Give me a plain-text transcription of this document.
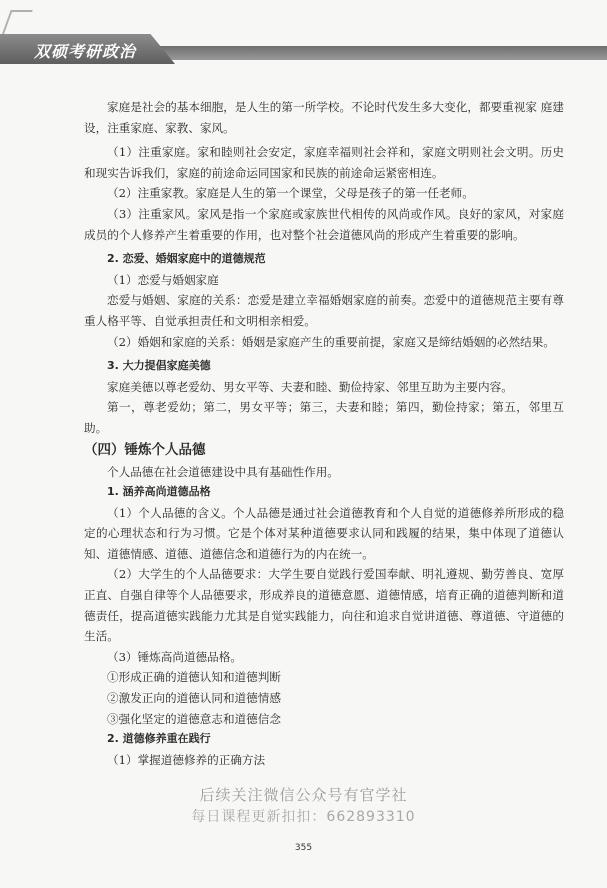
双硕考研政治

家庭是社会的基本细胞，是人生的第一所学校。不论时代发生多大变化，都要重视家 庭建设，注重家庭、家教、家风。

（1）注重家庭。家和睦则社会安定，家庭幸福则社会祥和，家庭文明则社会文明。历史和现实告诉我们，家庭的前途命运同国家和民族的前途命运紧密相连。

（2）注重家教。家庭是人生的第一个课堂，父母是孩子的第一任老师。

（3）注重家风。家风是指一个家庭或家族世代相传的风尚或作风。良好的家风，对家庭成员的个人修养产生着重要的作用，也对整个社会道德风尚的形成产生着重要的影响。

2. 恋爱、婚姻家庭中的道德规范

（1）恋爱与婚姻家庭

恋爱与婚姻、家庭的关系：恋爱是建立幸福婚姻家庭的前奏。恋爱中的道德规范主要有尊重人格平等、自觉承担责任和文明相亲相爱。

（2）婚姻和家庭的关系：婚姻是家庭产生的重要前提，家庭又是缔结婚姻的必然结果。

3. 大力提倡家庭美德

家庭美德以尊老爱幼、男女平等、夫妻和睦、勤俭持家、邻里互助为主要内容。

第一，尊老爱幼；第二，男女平等；第三，夫妻和睦；第四，勤俭持家；第五，邻里互助。

（四）锤炼个人品德

个人品德在社会道德建设中具有基础性作用。

1. 涵养高尚道德品格

（1）个人品德的含义。个人品德是通过社会道德教育和个人自觉的道德修养所形成的稳定的心理状态和行为习惯。它是个体对某种道德要求认同和践履的结果，集中体现了道德认知、道德情感、道德、道德信念和道德行为的内在统一。

（2）大学生的个人品德要求：大学生要自觉践行爱国奉献、明礼遵规、勤劳善良、宽厚正直、自强自律等个人品德要求，形成养良的道德意愿、道德情感，培育正确的道德判断和道德责任，提高道德实践能力尤其是自觉实践能力，向往和追求自觉讲道德、尊道德、守道德的生活。

（3）锤炼高尚道德品格。

①形成正确的道德认知和道德判断

②激发正向的道德认同和道德情感

③强化坚定的道德意志和道德信念

2. 道德修养重在践行

（1）掌握道德修养的正确方法

后续关注微信公众号有官学社
每日课程更新扣扣：662893310
355
